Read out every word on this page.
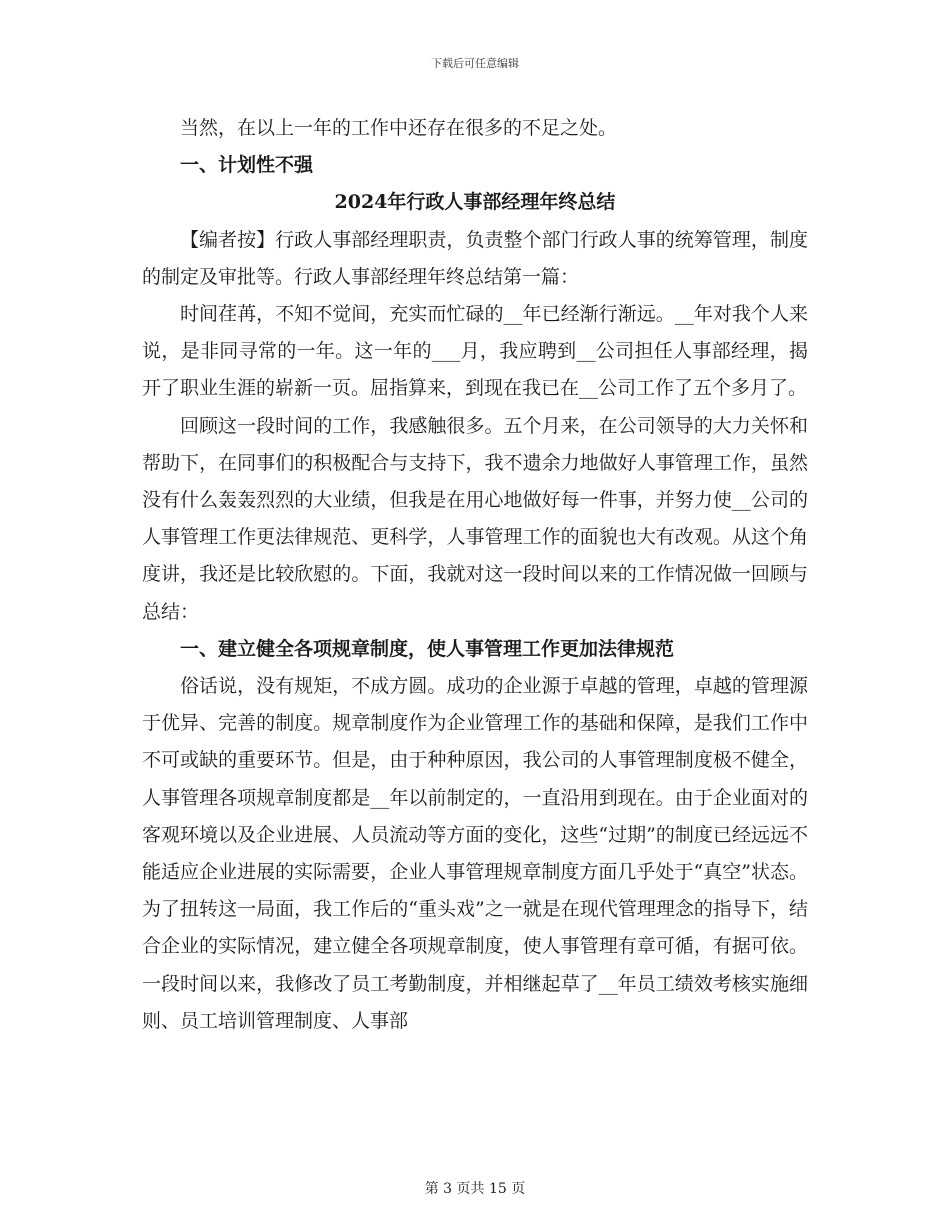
下载后可任意编辑

当然，在以上一年的工作中还存在很多的不足之处。

一、计划性不强

2024年行政人事部经理年终总结

【编者按】行政人事部经理职责，负责整个部门行政人事的统筹管理，制度的制定及审批等。行政人事部经理年终总结第一篇：

时间荏苒，不知不觉间，充实而忙碌的__年已经渐行渐远。__年对我个人来说，是非同寻常的一年。这一年的___月，我应聘到__公司担任人事部经理，揭开了职业生涯的崭新一页。屈指算来，到现在我已在__公司工作了五个多月了。

回顾这一段时间的工作，我感触很多。五个月来，在公司领导的大力关怀和帮助下，在同事们的积极配合与支持下，我不遗余力地做好人事管理工作，虽然没有什么轰轰烈烈的大业绩，但我是在用心地做好每一件事，并努力使__公司的人事管理工作更法律规范、更科学，人事管理工作的面貌也大有改观。从这个角度讲，我还是比较欣慰的。下面，我就对这一段时间以来的工作情况做一回顾与总结：

一、建立健全各项规章制度，使人事管理工作更加法律规范

俗话说，没有规矩，不成方圆。成功的企业源于卓越的管理，卓越的管理源于优异、完善的制度。规章制度作为企业管理工作的基础和保障，是我们工作中不可或缺的重要环节。但是，由于种种原因，我公司的人事管理制度极不健全，人事管理各项规章制度都是__年以前制定的，一直沿用到现在。由于企业面对的客观环境以及企业进展、人员流动等方面的变化，这些“过期”的制度已经远远不能适应企业进展的实际需要，企业人事管理规章制度方面几乎处于“真空”状态。为了扭转这一局面，我工作后的“重头戏”之一就是在现代管理理念的指导下，结合企业的实际情况，建立健全各项规章制度，使人事管理有章可循，有据可依。一段时间以来，我修改了员工考勤制度，并相继起草了__年员工绩效考核实施细则、员工培训管理制度、人事部

第 3 页共 15 页
